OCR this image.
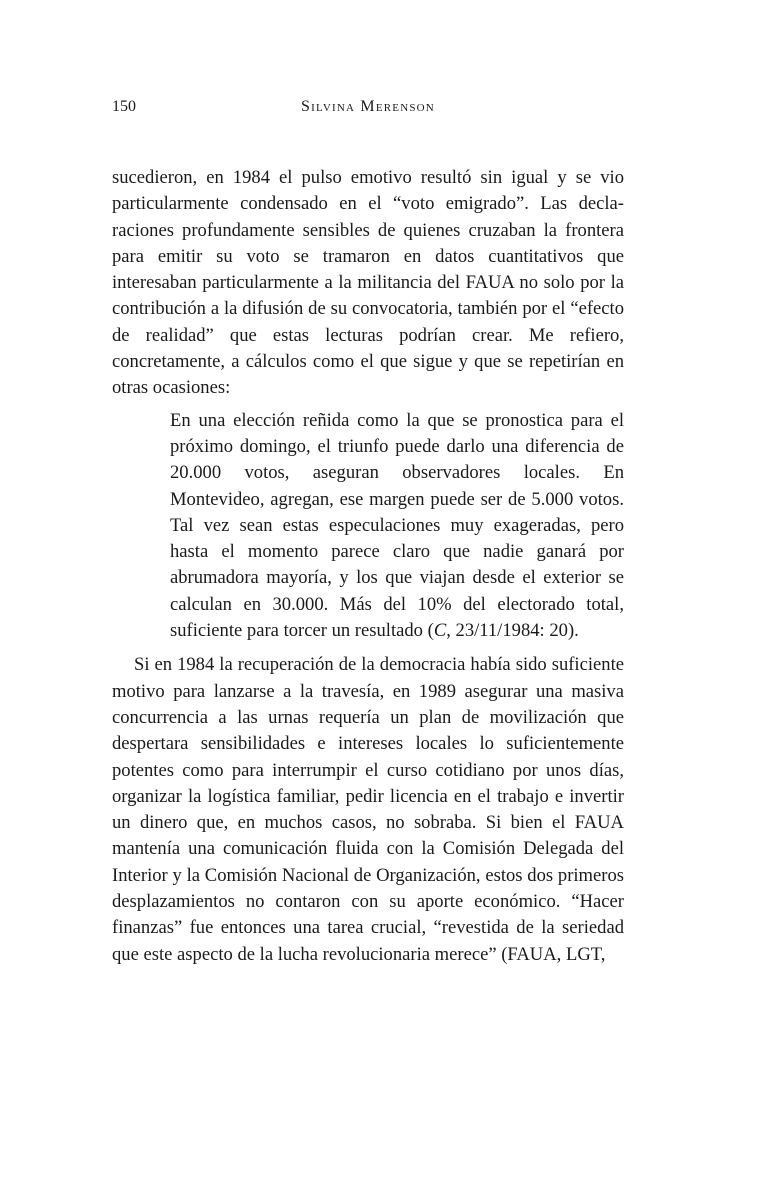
150	Silvina Merenson

sucedieron, en 1984 el pulso emotivo resultó sin igual y se vio particularmente condensado en el “voto emigrado”. Las declaraciones profundamente sensibles de quienes cruzaban la frontera para emitir su voto se tramaron en datos cuantitativos que interesaban particularmente a la militancia del FAUA no solo por la contribución a la difusión de su convocatoria, también por el “efecto de realidad” que estas lecturas podrían crear. Me refiero, concretamente, a cálculos como el que sigue y que se repetirían en otras ocasiones:

En una elección reñida como la que se pronostica para el próximo domingo, el triunfo puede darlo una diferencia de 20.000 votos, aseguran observadores locales. En Montevideo, agregan, ese margen puede ser de 5.000 votos. Tal vez sean estas especulaciones muy exageradas, pero hasta el momento parece claro que nadie ganará por abrumadora mayoría, y los que viajan desde el exterior se calculan en 30.000. Más del 10% del electorado total, suficiente para torcer un resultado (C, 23/11/1984: 20).

Si en 1984 la recuperación de la democracia había sido suficiente motivo para lanzarse a la travesía, en 1989 asegurar una masiva concurrencia a las urnas requería un plan de movilización que despertara sensibilidades e intereses locales lo suficientemente potentes como para interrumpir el curso cotidiano por unos días, organizar la logística familiar, pedir licencia en el trabajo e invertir un dinero que, en muchos casos, no sobraba. Si bien el FAUA mantenía una comunicación fluida con la Comisión Delegada del Interior y la Comisión Nacional de Organización, estos dos primeros desplazamientos no contaron con su aporte económico. “Hacer finanzas” fue entonces una tarea crucial, “revestida de la seriedad que este aspecto de la lucha revolucionaria merece” (FAUA, LGT,
